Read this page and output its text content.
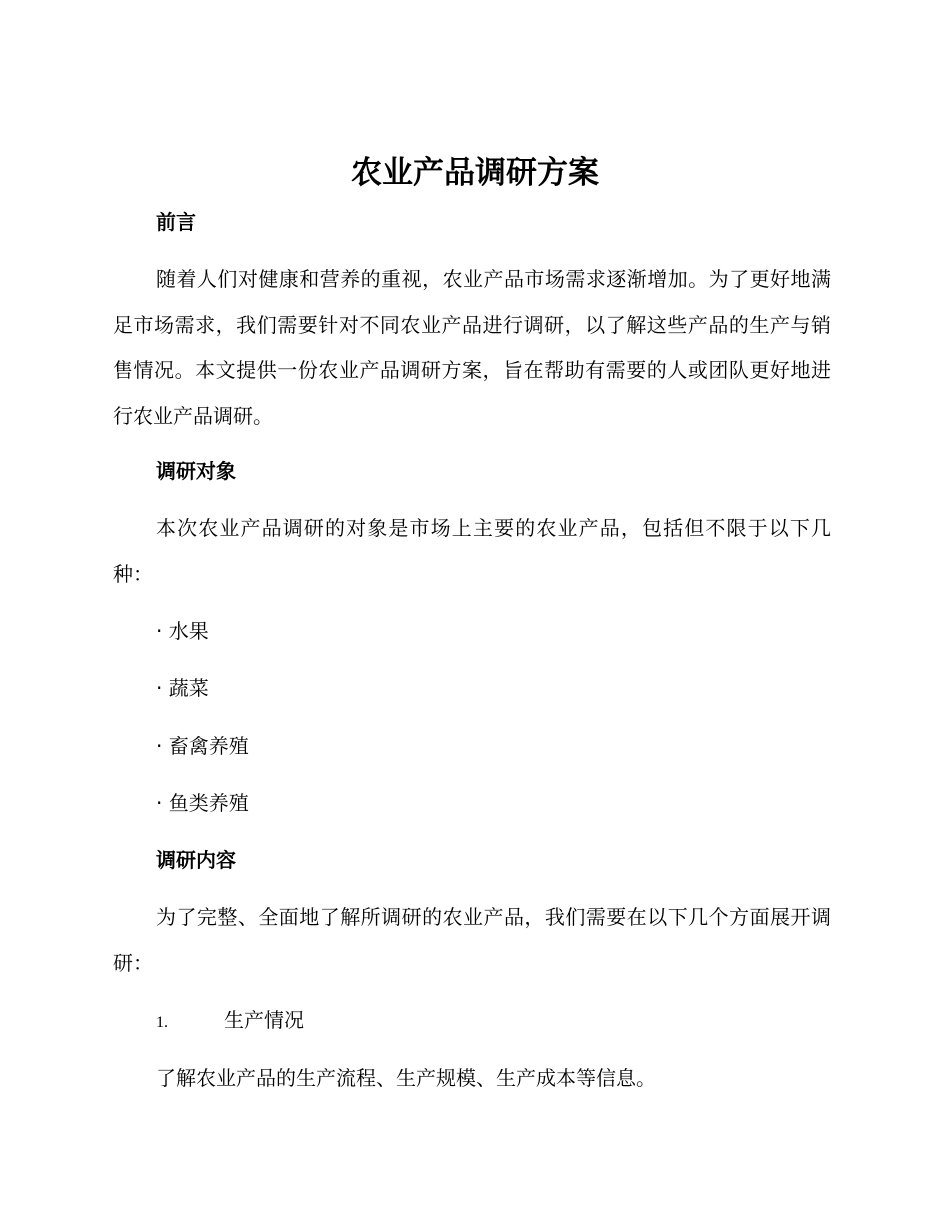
农业产品调研方案
前言

随着人们对健康和营养的重视，农业产品市场需求逐渐增加。为了更好地满足市场需求，我们需要针对不同农业产品进行调研，以了解这些产品的生产与销售情况。本文提供一份农业产品调研方案，旨在帮助有需要的人或团队更好地进行农业产品调研。

调研对象

本次农业产品调研的对象是市场上主要的农业产品，包括但不限于以下几种：

· 水果
· 蔬菜
· 畜禽养殖
· 鱼类养殖
调研内容

为了完整、全面地了解所调研的农业产品，我们需要在以下几个方面展开调研：

1.	生产情况
了解农业产品的生产流程、生产规模、生产成本等信息。
